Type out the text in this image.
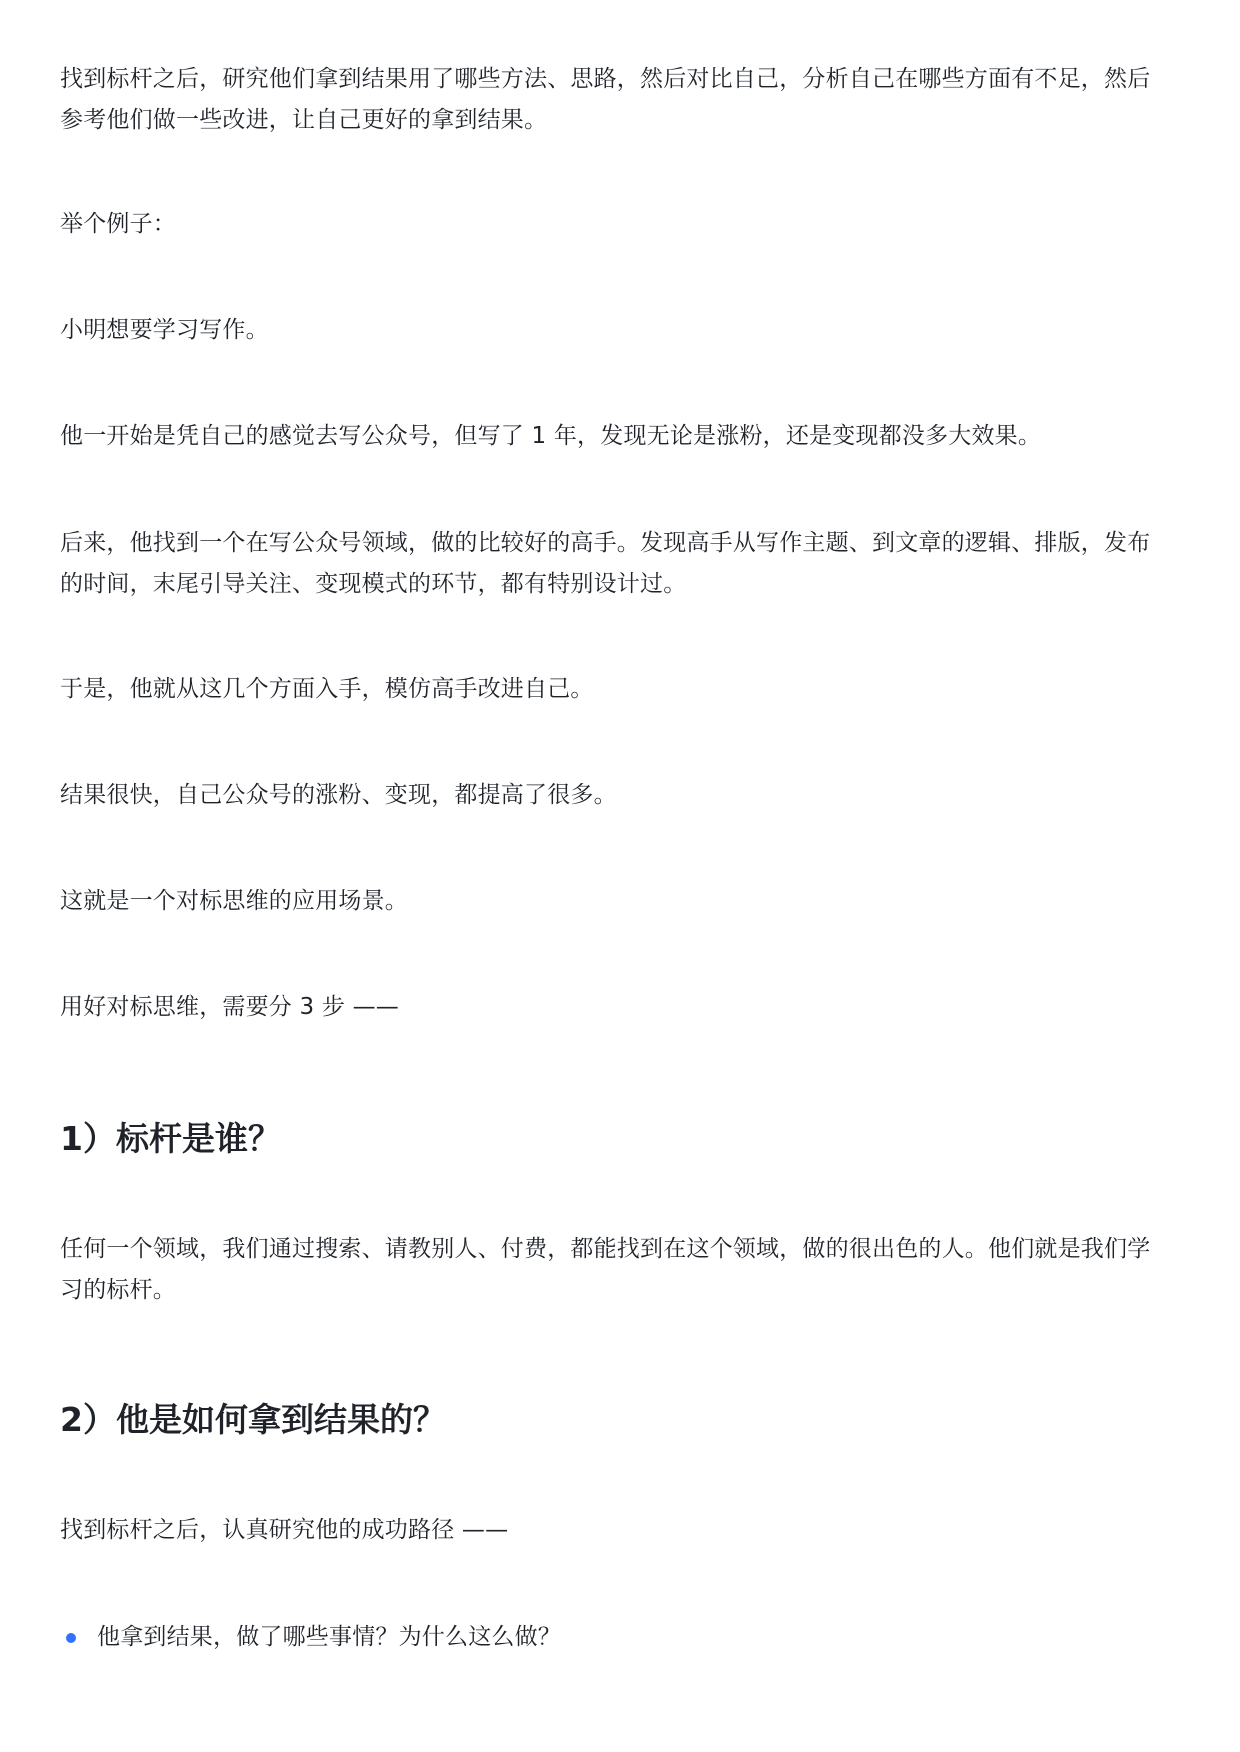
找到标杆之后，研究他们拿到结果用了哪些方法、思路，然后对比自己，分析自己在哪些方面有不足，然后参考他们做一些改进，让自己更好的拿到结果。

举个例子：

小明想要学习写作。

他一开始是凭自己的感觉去写公众号，但写了 1 年，发现无论是涨粉，还是变现都没多大效果。

后来，他找到一个在写公众号领域，做的比较好的高手。发现高手从写作主题、到文章的逻辑、排版，发布的时间，末尾引导关注、变现模式的环节，都有特别设计过。

于是，他就从这几个方面入手，模仿高手改进自己。

结果很快，自己公众号的涨粉、变现，都提高了很多。

这就是一个对标思维的应用场景。

用好对标思维，需要分 3 步 ——

1）标杆是谁？

任何一个领域，我们通过搜索、请教别人、付费，都能找到在这个领域，做的很出色的人。他们就是我们学习的标杆。

2）他是如何拿到结果的？

找到标杆之后，认真研究他的成功路径 ——

他拿到结果，做了哪些事情？为什么这么做？
